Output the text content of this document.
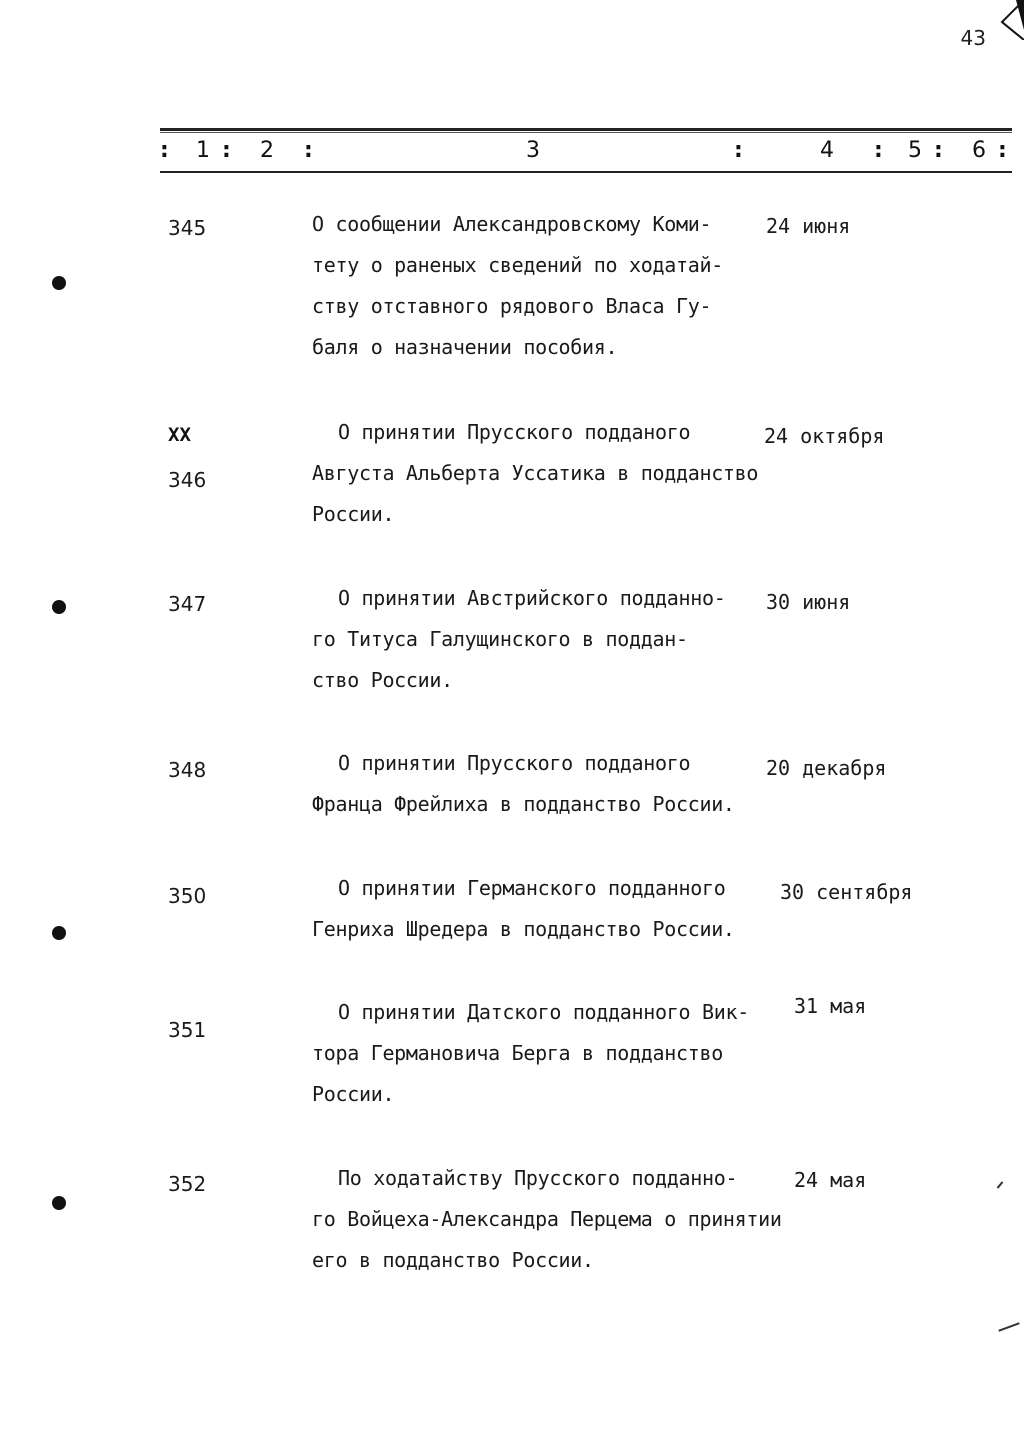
43
: 1 : 2 :	3	:	4 : 5 : 6 :
345	О сообщении Александровскому Коми-
тету о раненых сведений по ходатай-
ству отставного рядового Власа Гу-
баля о назначении пособия.
24 июня
XX
346
О принятии Прусского подданого
Августа Альберта Уссатика в подданство
России.
24 октября
347	О принятии Австрийского подданно-
го Титуса Галущинского в поддан-
ство России.
30 июня
348	О принятии Прусского подданого
Франца Фрейлиха в подданство России.
20 декабря
350	О принятии Германского подданного
Генриха Шредера в подданство России.
30 сентября
351
О принятии Датского подданного Вик-
тора Германовича Берга в подданство
России.
31 мая
352	По ходатайству Прусского подданно-
го Войцеха-Александра Перцема о принятии
его в подданство России.
24 мая
